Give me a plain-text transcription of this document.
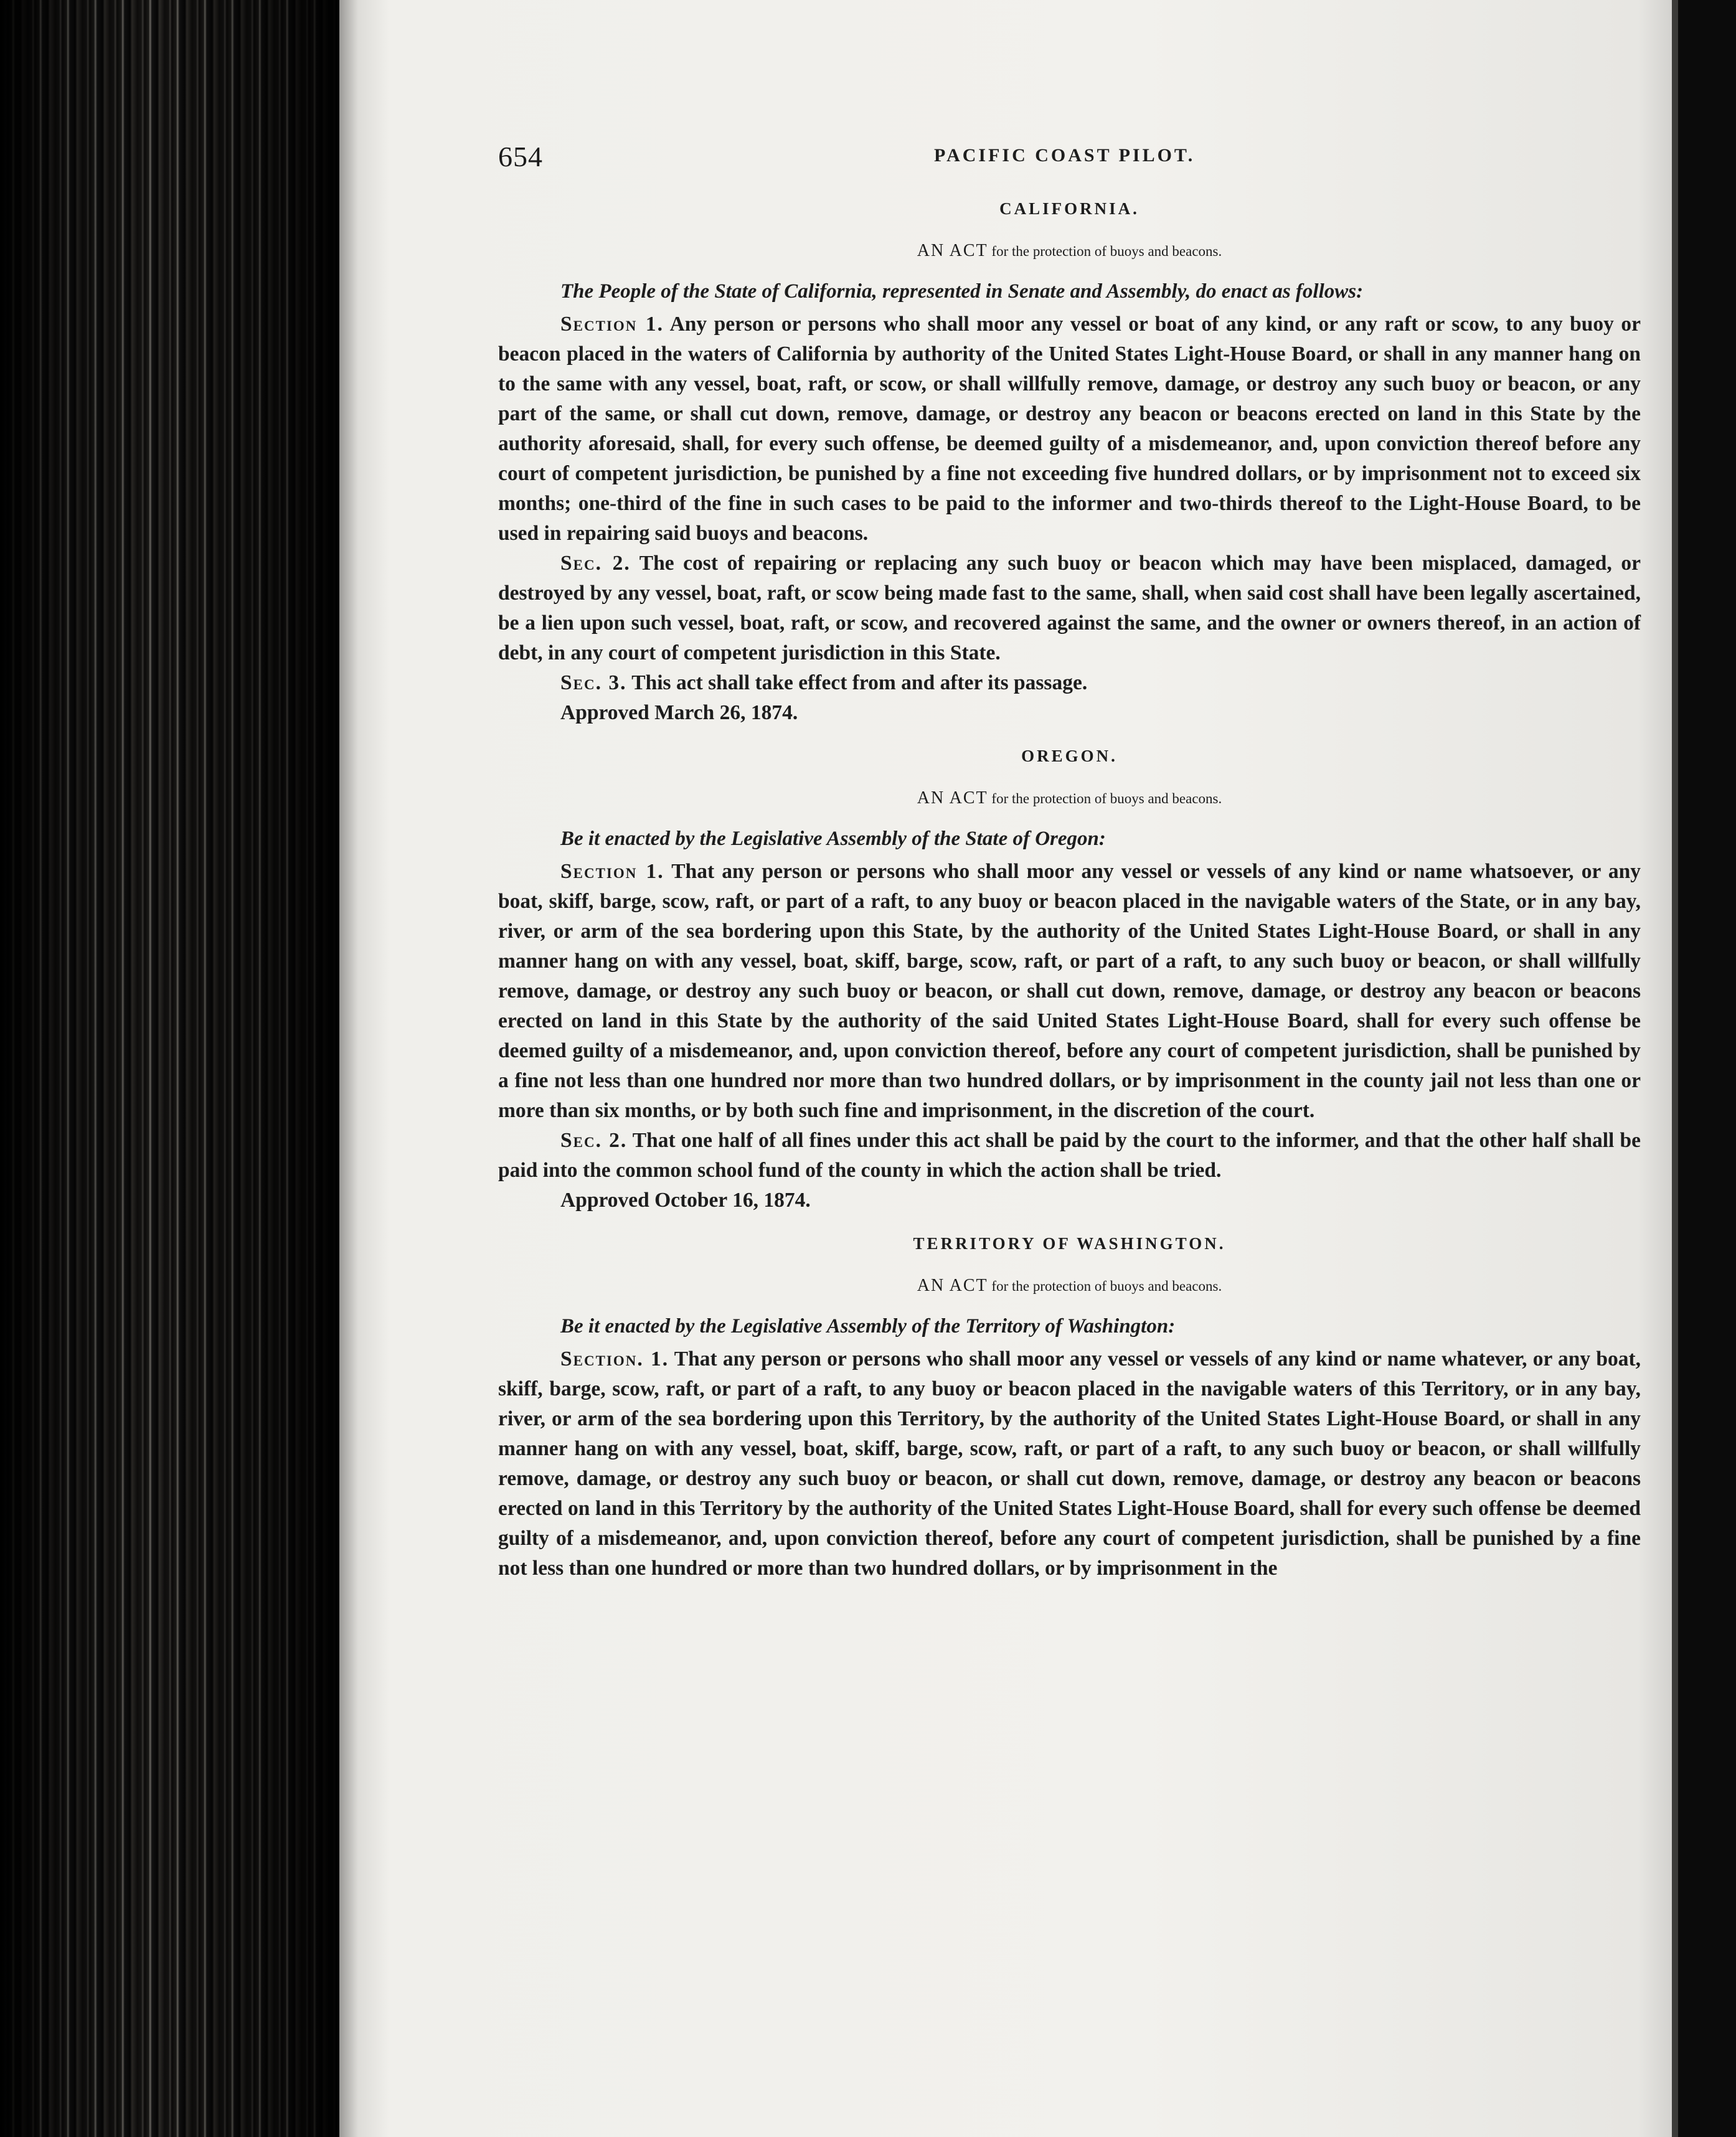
654	PACIFIC COAST PILOT.

CALIFORNIA.

AN ACT for the protection of buoys and beacons.

The People of the State of California, represented in Senate and Assembly, do enact as follows:

Section 1. Any person or persons who shall moor any vessel or boat of any kind, or any raft or scow, to any buoy or beacon placed in the waters of California by authority of the United States Light-House Board, or shall in any manner hang on to the same with any vessel, boat, raft, or scow, or shall willfully remove, damage, or destroy any such buoy or beacon, or any part of the same, or shall cut down, remove, damage, or destroy any beacon or beacons erected on land in this State by the authority aforesaid, shall, for every such offense, be deemed guilty of a misdemeanor, and, upon conviction thereof before any court of competent jurisdiction, be punished by a fine not exceeding five hundred dollars, or by imprisonment not to exceed six months; one-third of the fine in such cases to be paid to the informer and two-thirds thereof to the Light-House Board, to be used in repairing said buoys and beacons.

Sec. 2. The cost of repairing or replacing any such buoy or beacon which may have been misplaced, damaged, or destroyed by any vessel, boat, raft, or scow being made fast to the same, shall, when said cost shall have been legally ascertained, be a lien upon such vessel, boat, raft, or scow, and recovered against the same, and the owner or owners thereof, in an action of debt, in any court of competent jurisdiction in this State.

Sec. 3. This act shall take effect from and after its passage.

Approved March 26, 1874.

OREGON.

AN ACT for the protection of buoys and beacons.

Be it enacted by the Legislative Assembly of the State of Oregon:

Section 1. That any person or persons who shall moor any vessel or vessels of any kind or name whatsoever, or any boat, skiff, barge, scow, raft, or part of a raft, to any buoy or beacon placed in the navigable waters of the State, or in any bay, river, or arm of the sea bordering upon this State, by the authority of the United States Light-House Board, or shall in any manner hang on with any vessel, boat, skiff, barge, scow, raft, or part of a raft, to any such buoy or beacon, or shall willfully remove, damage, or destroy any such buoy or beacon, or shall cut down, remove, damage, or destroy any beacon or beacons erected on land in this State by the authority of the said United States Light-House Board, shall for every such offense be deemed guilty of a misdemeanor, and, upon conviction thereof, before any court of competent jurisdiction, shall be punished by a fine not less than one hundred nor more than two hundred dollars, or by imprisonment in the county jail not less than one or more than six months, or by both such fine and imprisonment, in the discretion of the court.

Sec. 2. That one half of all fines under this act shall be paid by the court to the informer, and that the other half shall be paid into the common school fund of the county in which the action shall be tried.

Approved October 16, 1874.

TERRITORY OF WASHINGTON.

AN ACT for the protection of buoys and beacons.

Be it enacted by the Legislative Assembly of the Territory of Washington:

Section. 1. That any person or persons who shall moor any vessel or vessels of any kind or name whatever, or any boat, skiff, barge, scow, raft, or part of a raft, to any buoy or beacon placed in the navigable waters of this Territory, or in any bay, river, or arm of the sea bordering upon this Territory, by the authority of the United States Light-House Board, or shall in any manner hang on with any vessel, boat, skiff, barge, scow, raft, or part of a raft, to any such buoy or beacon, or shall willfully remove, damage, or destroy any such buoy or beacon, or shall cut down, remove, damage, or destroy any beacon or beacons erected on land in this Territory by the authority of the United States Light-House Board, shall for every such offense be deemed guilty of a misdemeanor, and, upon conviction thereof, before any court of competent jurisdiction, shall be punished by a fine not less than one hundred or more than two hundred dollars, or by imprisonment in the
